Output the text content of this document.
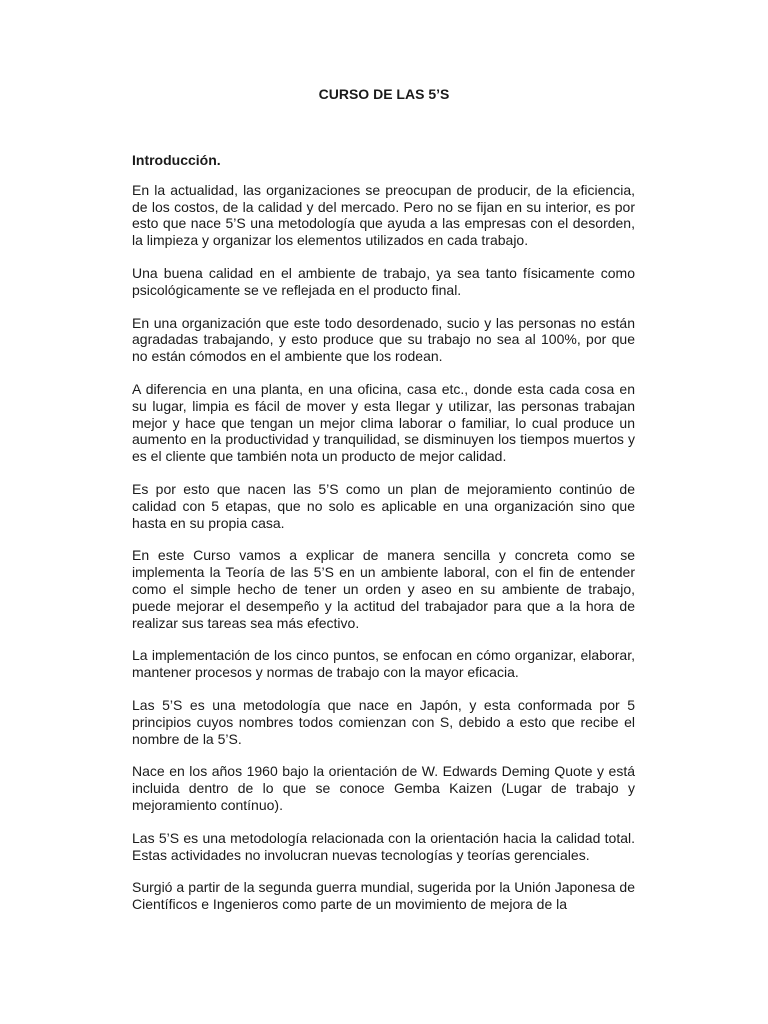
CURSO DE LAS 5’S

Introducción.

En la actualidad, las organizaciones se preocupan de producir, de la eficiencia, de los costos, de la calidad y del mercado. Pero no se fijan en su interior, es por esto que nace 5’S una metodología que ayuda a las empresas con el desorden, la limpieza y organizar los elementos utilizados en cada trabajo.

Una buena calidad en el ambiente de trabajo, ya sea tanto físicamente como psicológicamente se ve reflejada en el producto final.

En una organización que este todo desordenado, sucio y las personas no están agradadas trabajando, y esto produce que su trabajo no sea al 100%, por que no están cómodos en el ambiente que los rodean.

A diferencia en una planta, en una oficina, casa etc., donde esta cada cosa en su lugar, limpia es fácil de mover y esta llegar y utilizar, las personas trabajan mejor y hace que tengan un mejor clima laborar o familiar, lo cual produce un aumento en la productividad y tranquilidad, se disminuyen los tiempos muertos y es el cliente que también nota un producto de mejor calidad.

Es por esto que nacen las 5’S como un plan de mejoramiento continúo de calidad con 5 etapas, que no solo es aplicable en una organización sino que hasta en su propia casa.

En este Curso vamos a explicar de manera sencilla y concreta como se implementa la Teoría de las 5’S en un ambiente laboral, con el fin de entender como el simple hecho de tener un orden y aseo en su ambiente de trabajo, puede mejorar el desempeño y la actitud del trabajador para que a la hora de realizar sus tareas sea más efectivo.

La implementación de los cinco puntos, se enfocan en cómo organizar, elaborar, mantener procesos y normas de trabajo con la mayor eficacia.

Las 5’S es una metodología que nace en Japón, y esta conformada por 5 principios cuyos nombres todos comienzan con S, debido a esto que recibe el nombre de la 5’S.

Nace en los años 1960 bajo la orientación de W. Edwards Deming Quote y está incluida dentro de lo que se conoce Gemba Kaizen (Lugar de trabajo y mejoramiento contínuo).

Las 5’S es una metodología relacionada con la orientación hacia la calidad total. Estas actividades no involucran nuevas tecnologías y teorías gerenciales.

Surgió a partir de la segunda guerra mundial, sugerida por la Unión Japonesa de Científicos e Ingenieros como parte de un movimiento de mejora de la
